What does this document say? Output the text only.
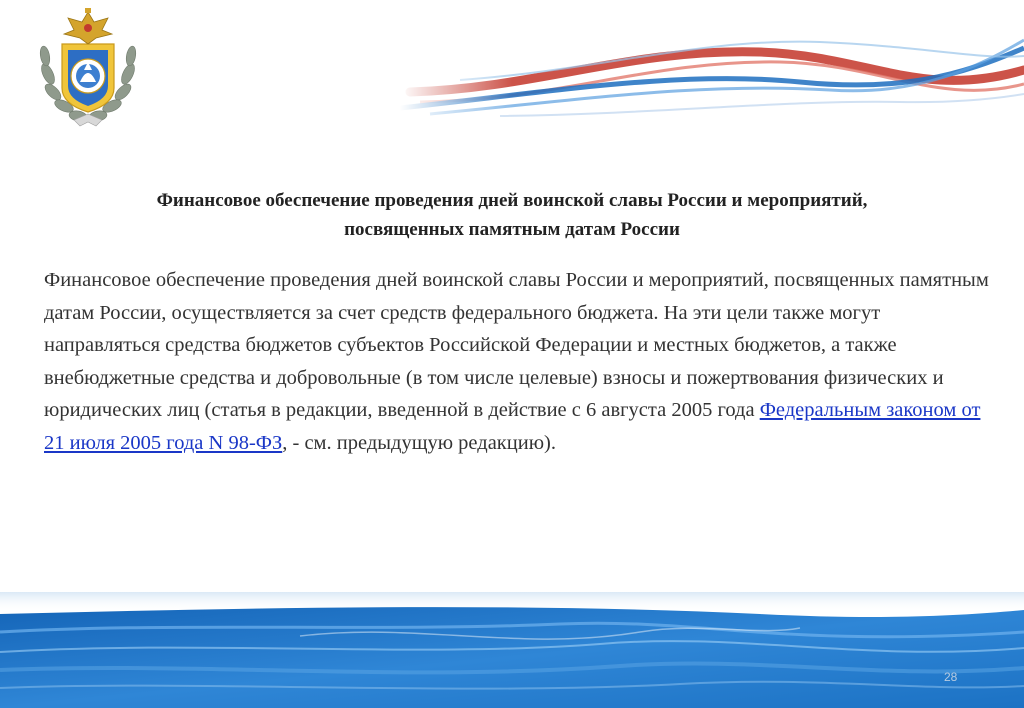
Финансовое обеспечение проведения дней воинской славы России и мероприятий,
посвященных памятным датам России

Финансовое обеспечение проведения дней воинской славы России и мероприятий, посвященных памятным датам России, осуществляется за счет средств федерального бюджета. На эти цели также могут направляться средства бюджетов субъектов Российской Федерации и местных бюджетов, а также внебюджетные средства и добровольные (в том числе целевые) взносы и пожертвования физических и юридических лиц (статья в редакции, введенной в действие с 6 августа 2005 года Федеральным законом от 21 июля 2005 года N 98-ФЗ, - см. предыдущую редакцию).

28
